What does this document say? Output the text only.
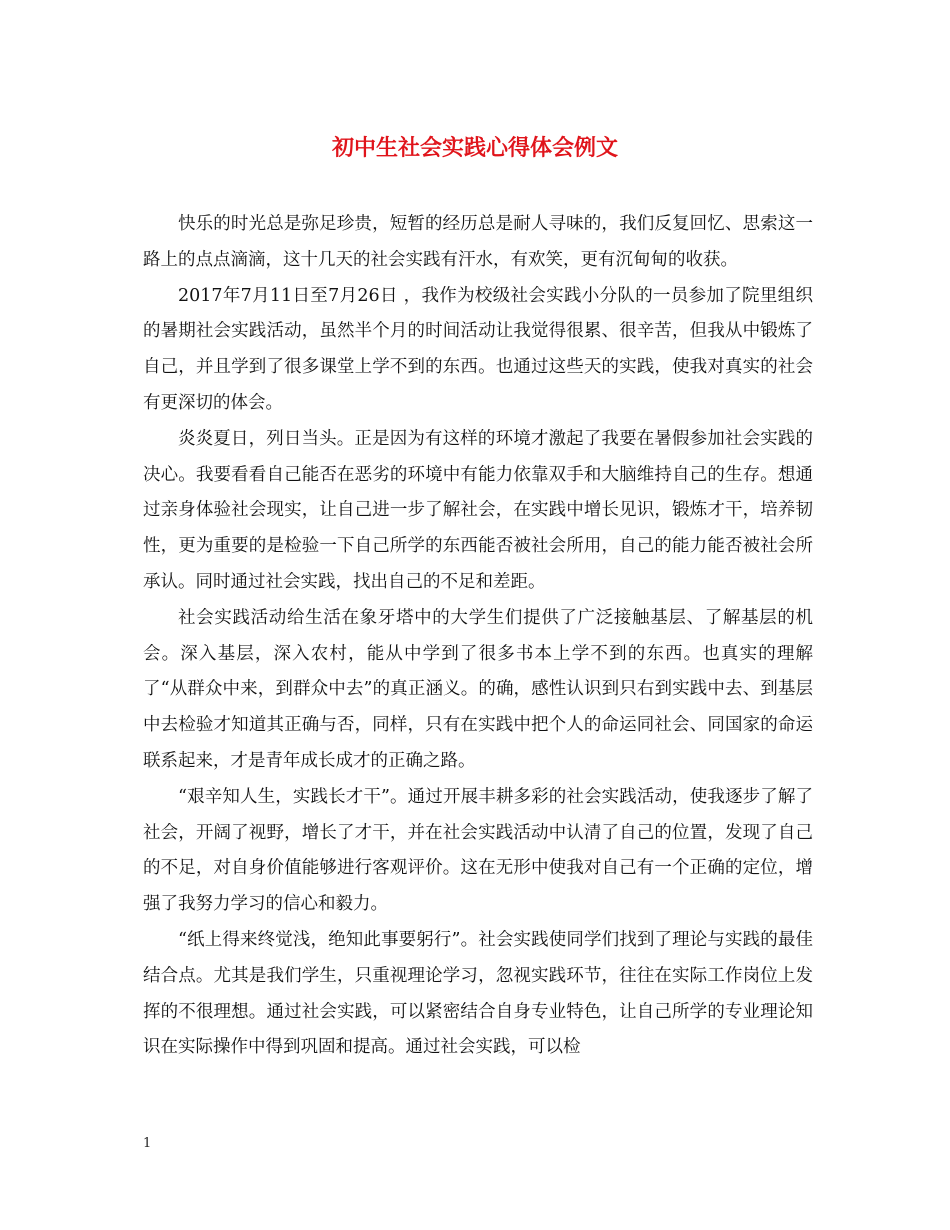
初中生社会实践心得体会例文

快乐的时光总是弥足珍贵，短暂的经历总是耐人寻味的，我们反复回忆、思索这一路上的点点滴滴，这十几天的社会实践有汗水，有欢笑，更有沉甸甸的收获。

2017年7月11日至7月26日 ，我作为校级社会实践小分队的一员参加了院里组织的暑期社会实践活动，虽然半个月的时间活动让我觉得很累、很辛苦，但我从中锻炼了自己，并且学到了很多课堂上学不到的东西。也通过这些天的实践，使我对真实的社会有更深切的体会。

炎炎夏日，列日当头。正是因为有这样的环境才激起了我要在暑假参加社会实践的决心。我要看看自己能否在恶劣的环境中有能力依靠双手和大脑维持自己的生存。想通过亲身体验社会现实，让自己进一步了解社会，在实践中增长见识，锻炼才干，培养韧性，更为重要的是检验一下自己所学的东西能否被社会所用，自己的能力能否被社会所承认。同时通过社会实践，找出自己的不足和差距。

社会实践活动给生活在象牙塔中的大学生们提供了广泛接触基层、了解基层的机会。深入基层，深入农村，能从中学到了很多书本上学不到的东西。也真实的理解了“从群众中来，到群众中去”的真正涵义。的确，感性认识到只右到实践中去、到基层中去检验才知道其正确与否，同样，只有在实践中把个人的命运同社会、同国家的命运联系起来，才是青年成长成才的正确之路。

“艰辛知人生，实践长才干”。通过开展丰耕多彩的社会实践活动，使我逐步了解了社会，开阔了视野，增长了才干，并在社会实践活动中认清了自己的位置，发现了自己的不足，对自身价值能够进行客观评价。这在无形中使我对自己有一个正确的定位，增强了我努力学习的信心和毅力。

“纸上得来终觉浅，绝知此事要躬行”。社会实践使同学们找到了理论与实践的最佳结合点。尤其是我们学生，只重视理论学习，忽视实践环节，往往在实际工作岗位上发挥的不很理想。通过社会实践，可以紧密结合自身专业特色，让自己所学的专业理论知识在实际操作中得到巩固和提高。通过社会实践，可以检

1
